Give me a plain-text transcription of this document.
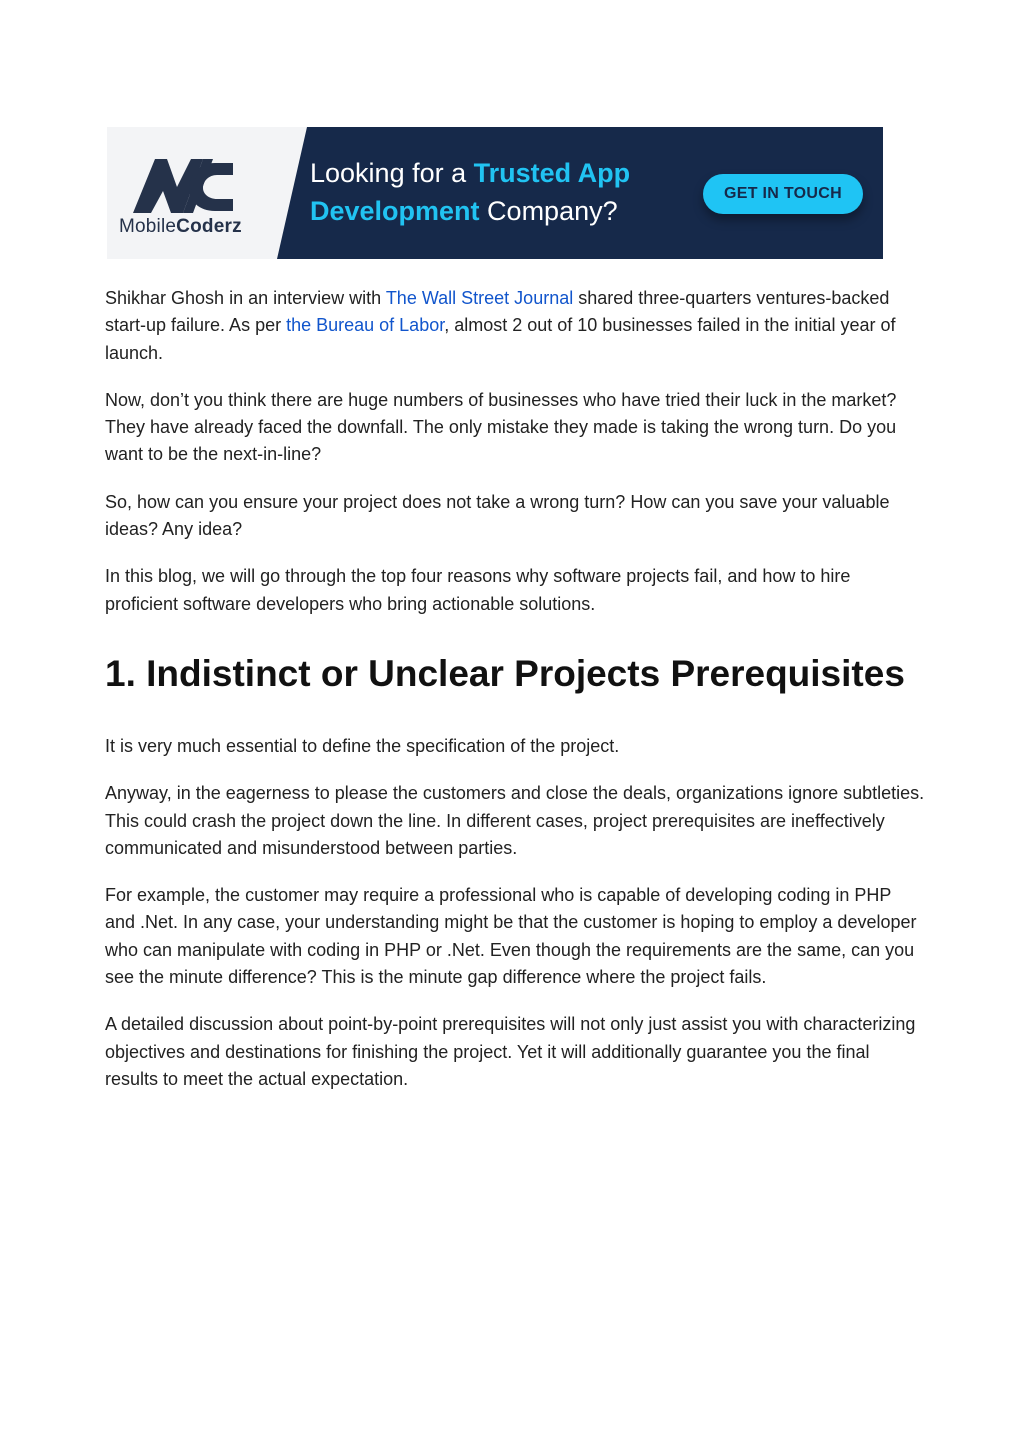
MobileCoderz
Looking for a Trusted App
Development Company?
GET IN TOUCH

Shikhar Ghosh in an interview with The Wall Street Journal shared three-quarters ventures-backed start-up failure. As per the Bureau of Labor, almost 2 out of 10 businesses failed in the initial year of launch.

Now, don’t you think there are huge numbers of businesses who have tried their luck in the market? They have already faced the downfall. The only mistake they made is taking the wrong turn. Do you want to be the next-in-line?

So, how can you ensure your project does not take a wrong turn? How can you save your valuable ideas? Any idea?

In this blog, we will go through the top four reasons why software projects fail, and how to hire proficient software developers who bring actionable solutions.

1. Indistinct or Unclear Projects Prerequisites

It is very much essential to define the specification of the project.

Anyway, in the eagerness to please the customers and close the deals, organizations ignore subtleties. This could crash the project down the line. In different cases, project prerequisites are ineffectively communicated and misunderstood between parties.

For example, the customer may require a professional who is capable of developing coding in PHP and .Net. In any case, your understanding might be that the customer is hoping to employ a developer who can manipulate with coding in PHP or .Net. Even though the requirements are the same, can you see the minute difference? This is the minute gap difference where the project fails.

A detailed discussion about point-by-point prerequisites will not only just assist you with characterizing objectives and destinations for finishing the project. Yet it will additionally guarantee you the final results to meet the actual expectation.
